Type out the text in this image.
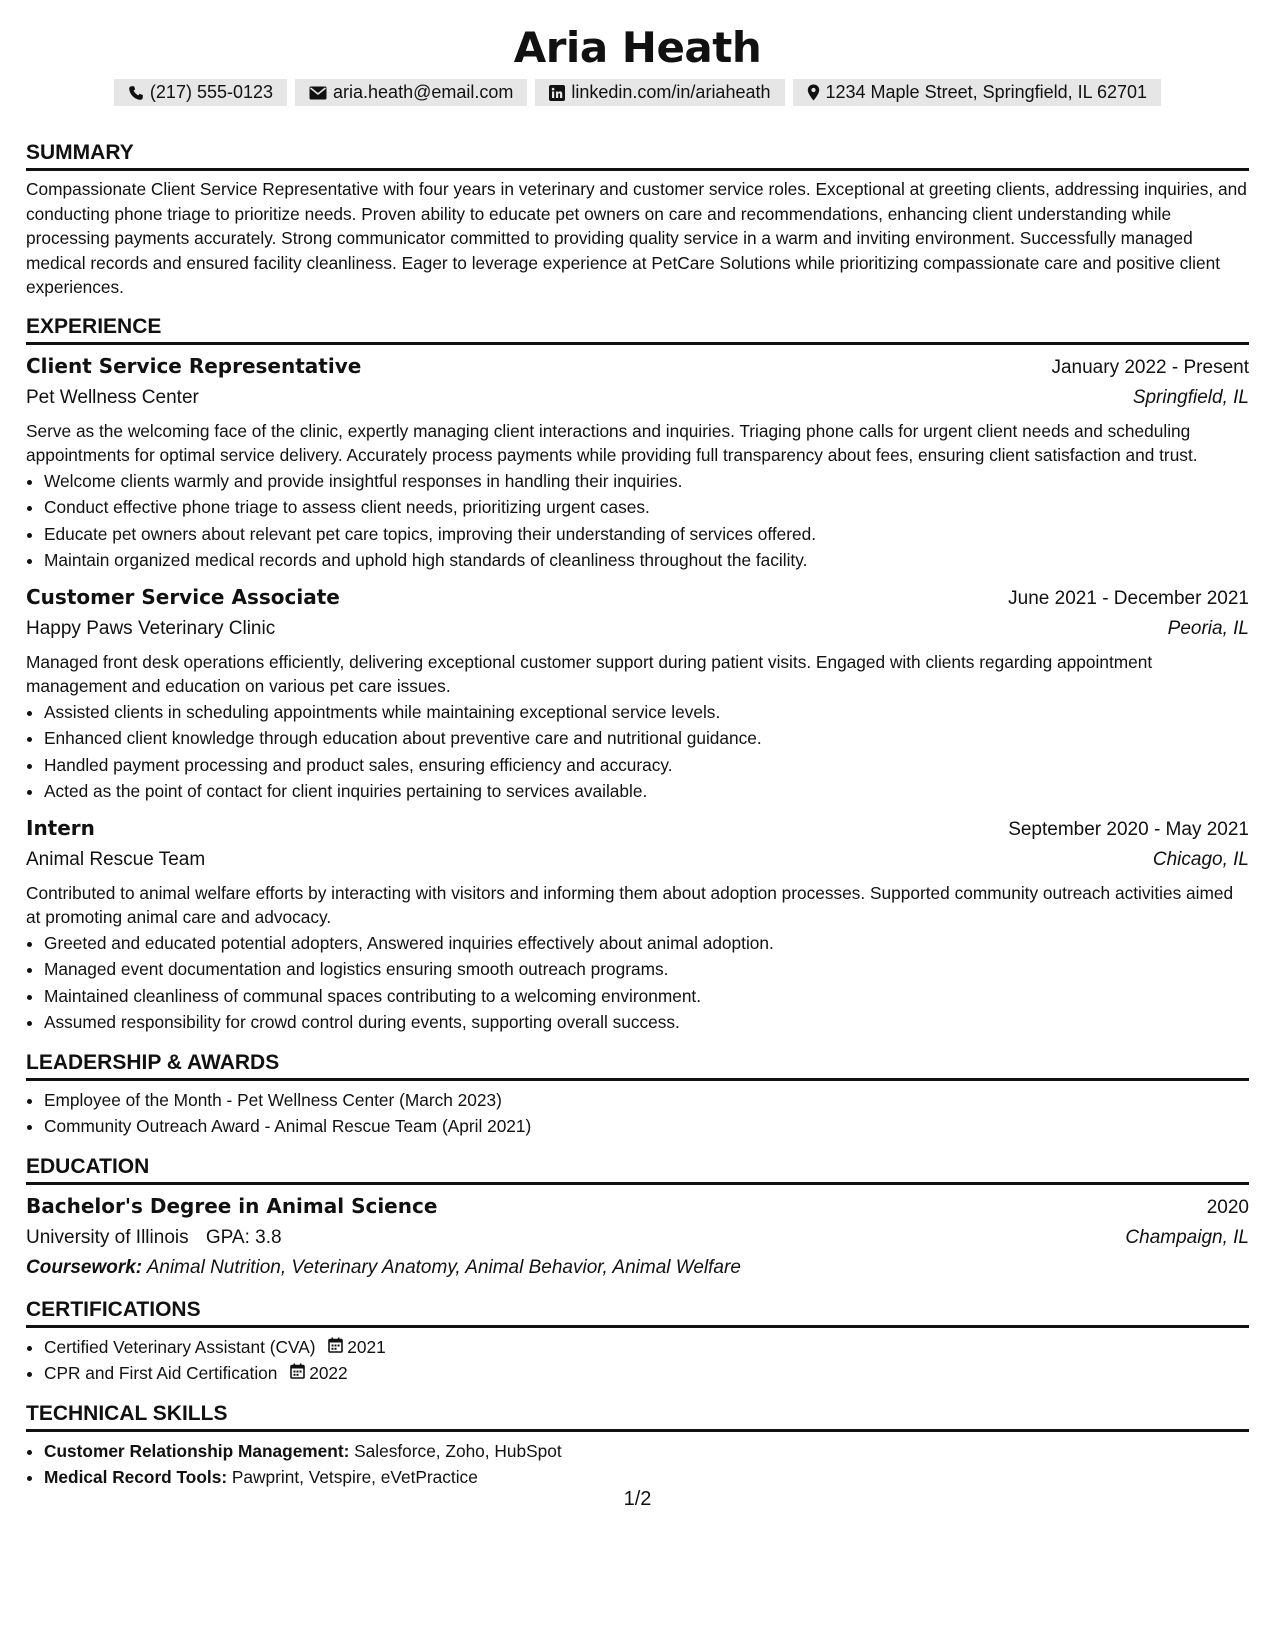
Aria Heath
(217) 555-0123	aria.heath@email.com	linkedin.com/in/ariaheath	1234 Maple Street, Springfield, IL 62701
SUMMARY
Compassionate Client Service Representative with four years in veterinary and customer service roles. Exceptional at greeting clients, addressing inquiries, and conducting phone triage to prioritize needs. Proven ability to educate pet owners on care and recommendations, enhancing client understanding while processing payments accurately. Strong communicator committed to providing quality service in a warm and inviting environment. Successfully managed medical records and ensured facility cleanliness. Eager to leverage experience at PetCare Solutions while prioritizing compassionate care and positive client experiences.
EXPERIENCE
Client Service Representative	January 2022 - Present
Pet Wellness Center	Springfield, IL
Serve as the welcoming face of the clinic, expertly managing client interactions and inquiries. Triaging phone calls for urgent client needs and scheduling appointments for optimal service delivery. Accurately process payments while providing full transparency about fees, ensuring client satisfaction and trust.
• Welcome clients warmly and provide insightful responses in handling their inquiries.
• Conduct effective phone triage to assess client needs, prioritizing urgent cases.
• Educate pet owners about relevant pet care topics, improving their understanding of services offered.
• Maintain organized medical records and uphold high standards of cleanliness throughout the facility.
Customer Service Associate	June 2021 - December 2021
Happy Paws Veterinary Clinic	Peoria, IL
Managed front desk operations efficiently, delivering exceptional customer support during patient visits. Engaged with clients regarding appointment management and education on various pet care issues.
• Assisted clients in scheduling appointments while maintaining exceptional service levels.
• Enhanced client knowledge through education about preventive care and nutritional guidance.
• Handled payment processing and product sales, ensuring efficiency and accuracy.
• Acted as the point of contact for client inquiries pertaining to services available.
Intern	September 2020 - May 2021
Animal Rescue Team	Chicago, IL
Contributed to animal welfare efforts by interacting with visitors and informing them about adoption processes. Supported community outreach activities aimed at promoting animal care and advocacy.
• Greeted and educated potential adopters, Answered inquiries effectively about animal adoption.
• Managed event documentation and logistics ensuring smooth outreach programs.
• Maintained cleanliness of communal spaces contributing to a welcoming environment.
• Assumed responsibility for crowd control during events, supporting overall success.
LEADERSHIP & AWARDS
• Employee of the Month - Pet Wellness Center (March 2023)
• Community Outreach Award - Animal Rescue Team (April 2021)
EDUCATION
Bachelor's Degree in Animal Science	2020
University of Illinois GPA: 3.8	Champaign, IL
Coursework: Animal Nutrition, Veterinary Anatomy, Animal Behavior, Animal Welfare
CERTIFICATIONS
• Certified Veterinary Assistant (CVA) 2021
• CPR and First Aid Certification 2022
TECHNICAL SKILLS
• Customer Relationship Management: Salesforce, Zoho, HubSpot
• Medical Record Tools: Pawprint, Vetspire, eVetPractice
1/2
